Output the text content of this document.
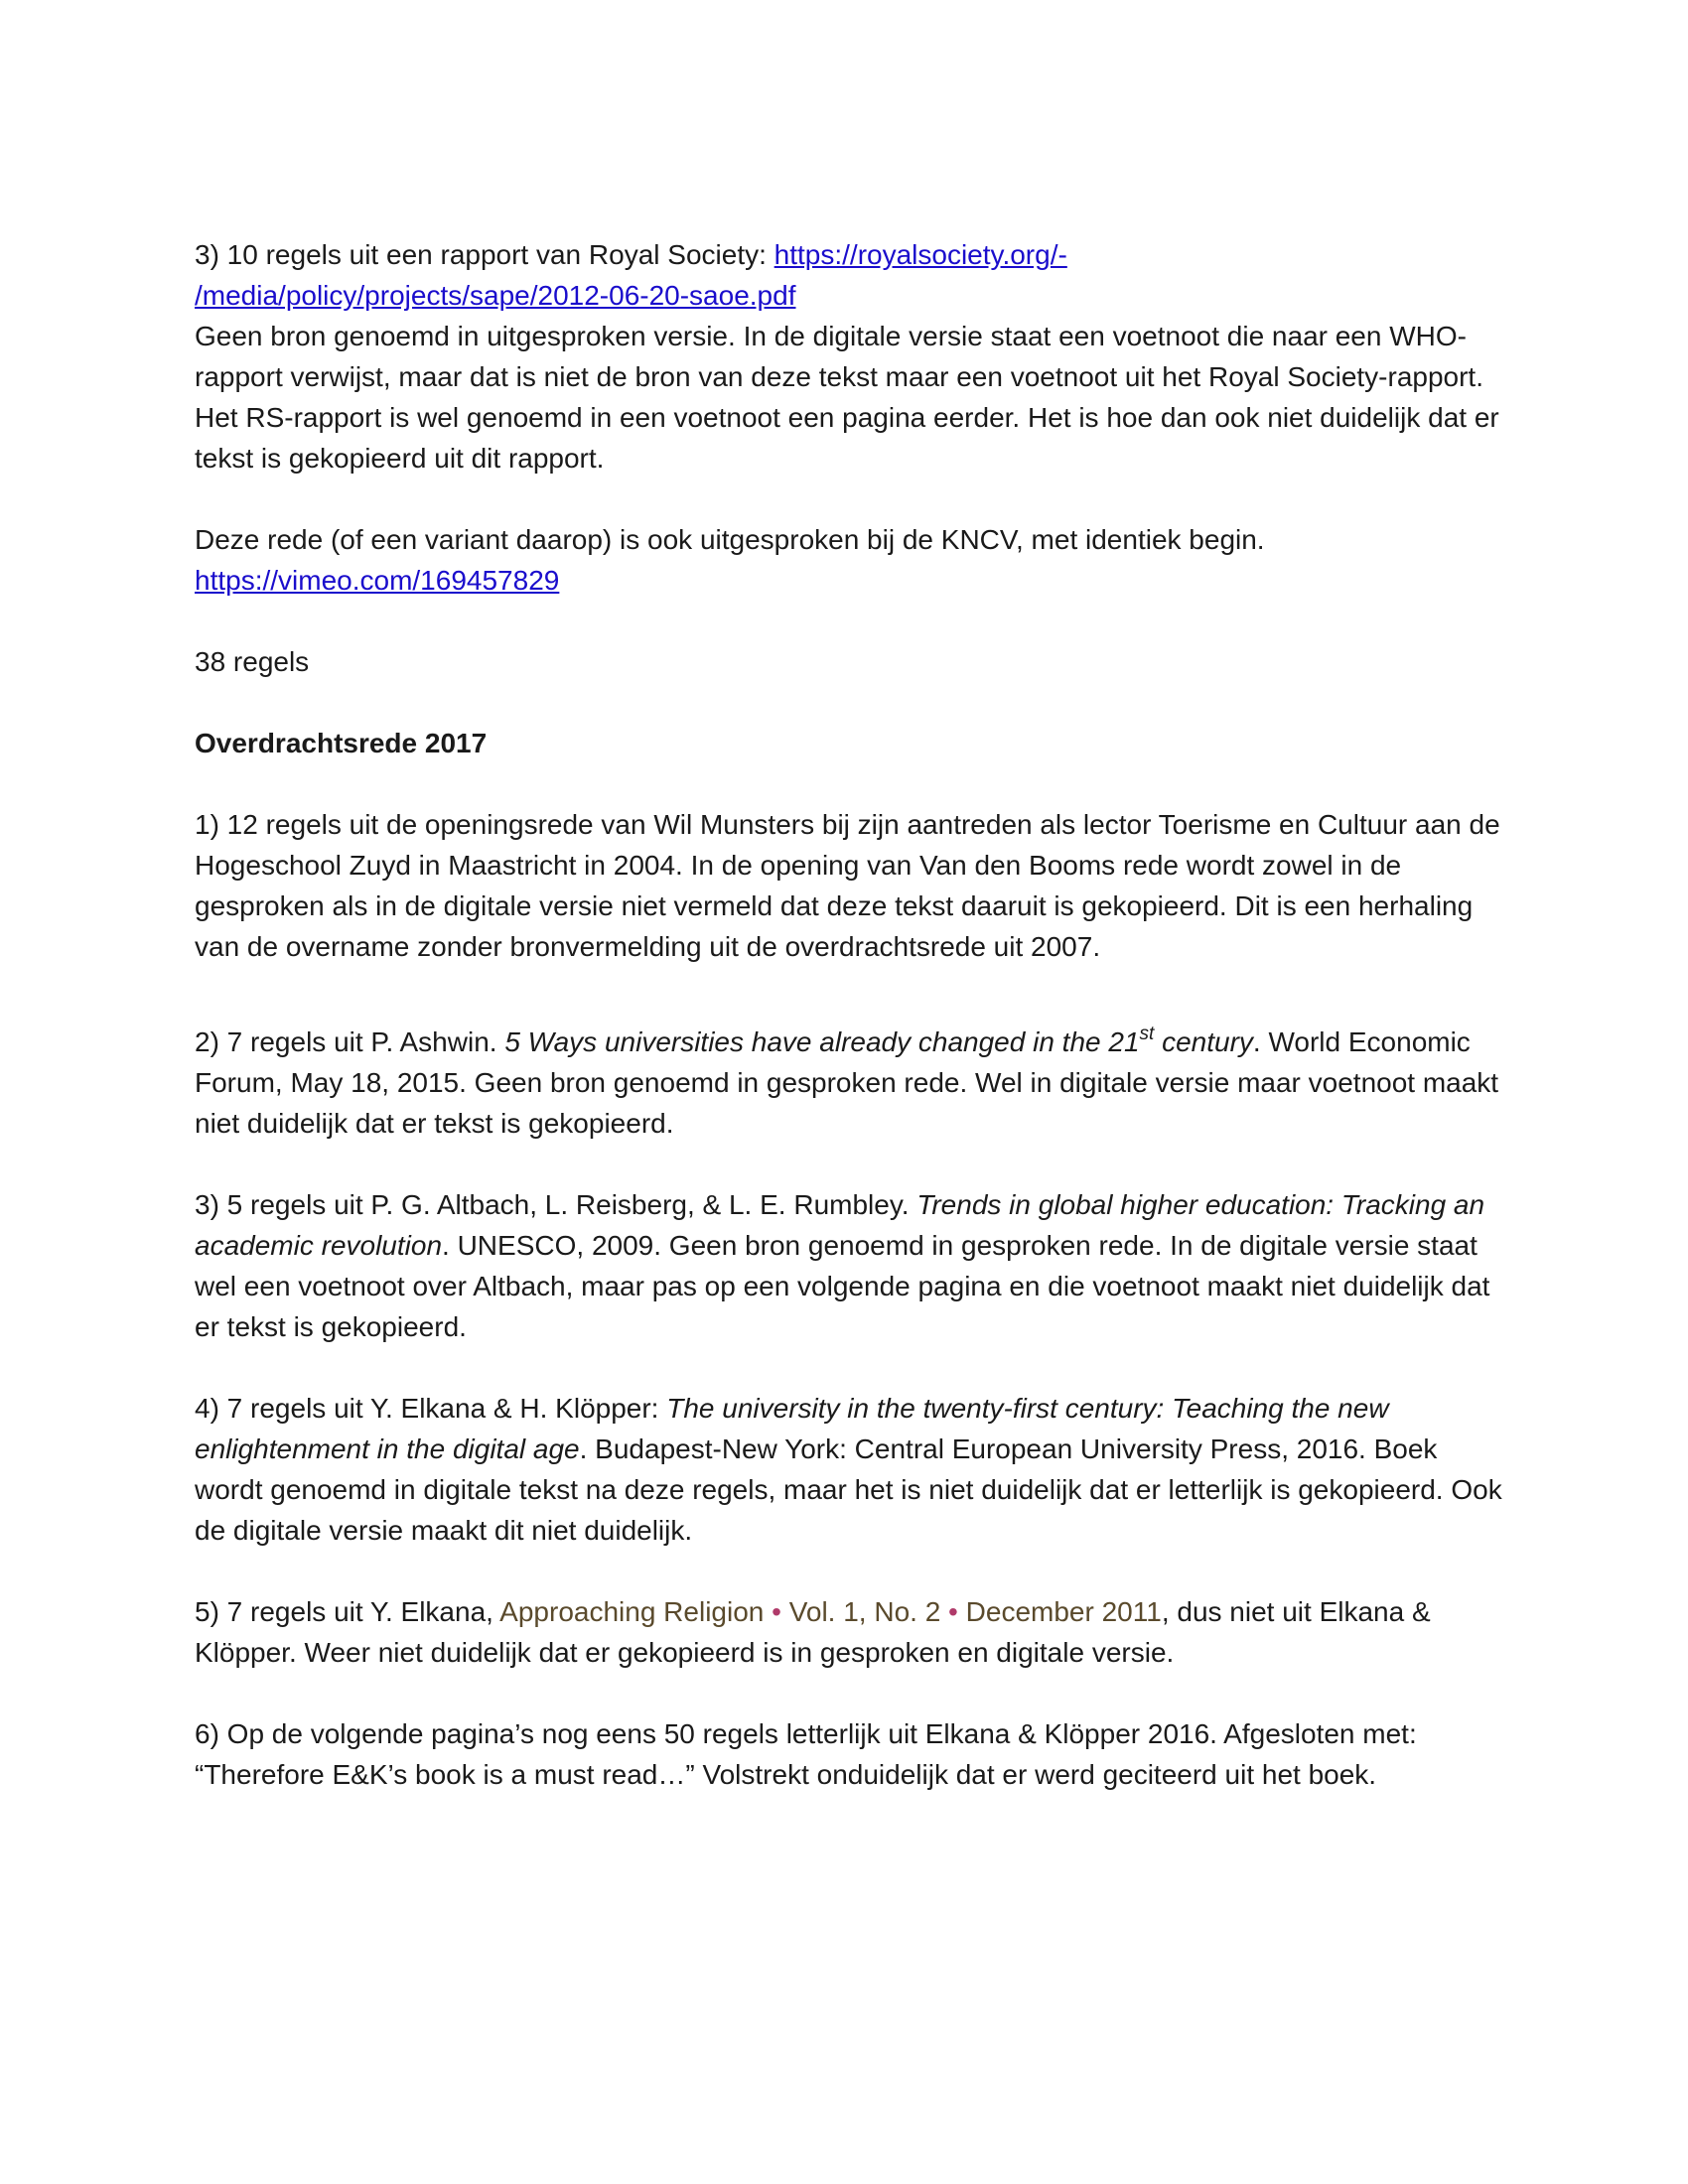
3) 10 regels uit een rapport van Royal Society: https://royalsociety.org/-
/media/policy/projects/sape/2012-06-20-saoe.pdf
Geen bron genoemd in uitgesproken versie. In de digitale versie staat een voetnoot die naar een WHO-rapport verwijst, maar dat is niet de bron van deze tekst maar een voetnoot uit het Royal Society-rapport. Het RS-rapport is wel genoemd in een voetnoot een pagina eerder. Het is hoe dan ook niet duidelijk dat er tekst is gekopieerd uit dit rapport.

Deze rede (of een variant daarop) is ook uitgesproken bij de KNCV, met identiek begin.
https://vimeo.com/169457829

38 regels

Overdrachtsrede 2017

1) 12 regels uit de openingsrede van Wil Munsters bij zijn aantreden als lector Toerisme en Cultuur aan de Hogeschool Zuyd in Maastricht in 2004. In de opening van Van den Booms rede wordt zowel in de gesproken als in de digitale versie niet vermeld dat deze tekst daaruit is gekopieerd. Dit is een herhaling van de overname zonder bronvermelding uit de overdrachtsrede uit 2007.

2) 7 regels uit P. Ashwin. 5 Ways universities have already changed in the 21st century. World Economic Forum, May 18, 2015. Geen bron genoemd in gesproken rede. Wel in digitale versie maar voetnoot maakt niet duidelijk dat er tekst is gekopieerd.

3) 5 regels uit P. G. Altbach, L. Reisberg, & L. E. Rumbley. Trends in global higher education: Tracking an academic revolution. UNESCO, 2009. Geen bron genoemd in gesproken rede. In de digitale versie staat wel een voetnoot over Altbach, maar pas op een volgende pagina en die voetnoot maakt niet duidelijk dat er tekst is gekopieerd.

4) 7 regels uit Y. Elkana & H. Klöpper: The university in the twenty-first century: Teaching the new enlightenment in the digital age. Budapest-New York: Central European University Press, 2016. Boek wordt genoemd in digitale tekst na deze regels, maar het is niet duidelijk dat er letterlijk is gekopieerd. Ook de digitale versie maakt dit niet duidelijk.

5) 7 regels uit Y. Elkana, Approaching Religion • Vol. 1, No. 2 • December 2011, dus niet uit Elkana & Klöpper. Weer niet duidelijk dat er gekopieerd is in gesproken en digitale versie.

6) Op de volgende pagina’s nog eens 50 regels letterlijk uit Elkana & Klöpper 2016. Afgesloten met: “Therefore E&K’s book is a must read…” Volstrekt onduidelijk dat er werd geciteerd uit het boek.
